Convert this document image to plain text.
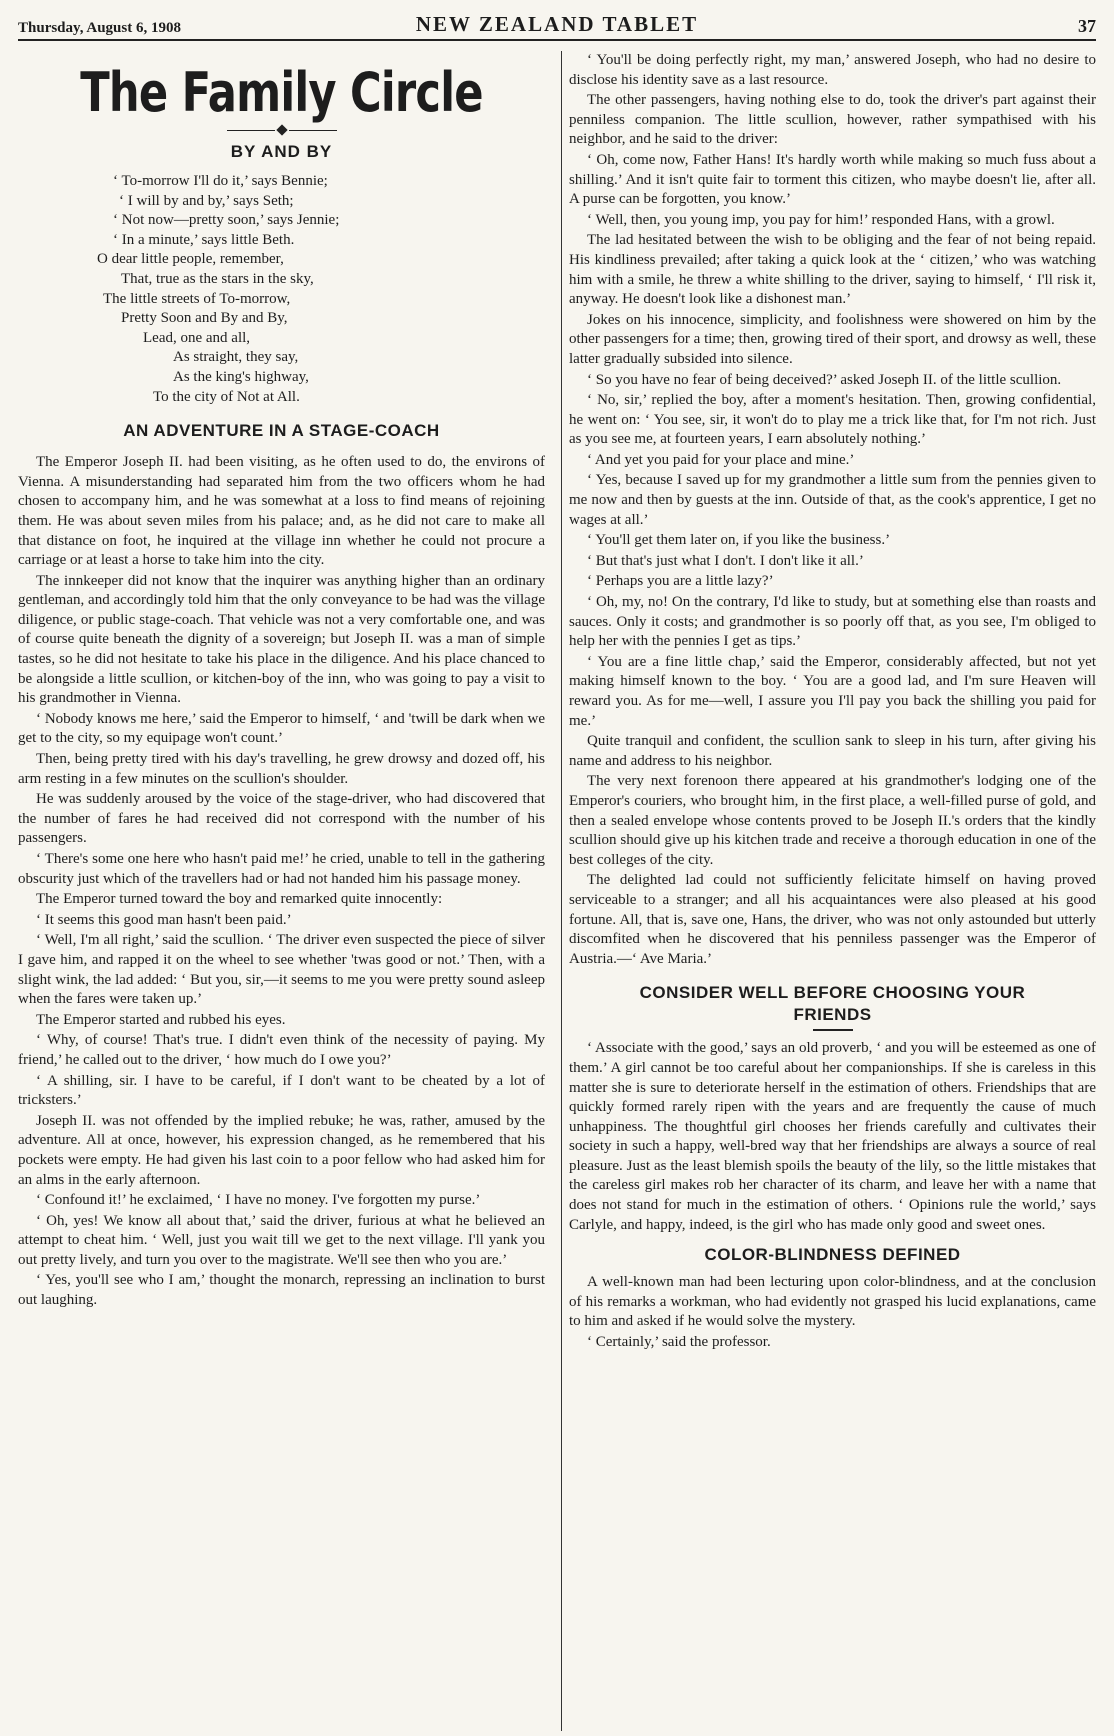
Thursday, August 6, 1908	NEW ZEALAND TABLET	37
The Family Circle
BY AND BY
‘ To-morrow I'll do it,’ says Bennie;
‘ I will by and by,’ says Seth;
‘ Not now—pretty soon,’ says Jennie;
‘ In a minute,’ says little Beth.
O dear little people, remember,
That, true as the stars in the sky,
The little streets of To-morrow,
Pretty Soon and By and By,
Lead, one and all,
As straight, they say,
As the king's highway,
To the city of Not at All.
AN ADVENTURE IN A STAGE-COACH

The Emperor Joseph II. had been visiting, as he often used to do, the environs of Vienna. A misunderstanding had separated him from the two officers whom he had chosen to accompany him, and he was somewhat at a loss to find means of rejoining them. He was about seven miles from his palace; and, as he did not care to make all that distance on foot, he inquired at the village inn whether he could not procure a carriage or at least a horse to take him into the city.

The innkeeper did not know that the inquirer was anything higher than an ordinary gentleman, and accordingly told him that the only conveyance to be had was the village diligence, or public stage-coach. That vehicle was not a very comfortable one, and was of course quite beneath the dignity of a sovereign; but Joseph II. was a man of simple tastes, so he did not hesitate to take his place in the diligence. And his place chanced to be alongside a little scullion, or kitchen-boy of the inn, who was going to pay a visit to his grandmother in Vienna.

‘ Nobody knows me here,’ said the Emperor to himself, ‘ and 'twill be dark when we get to the city, so my equipage won't count.’

Then, being pretty tired with his day's travelling, he grew drowsy and dozed off, his arm resting in a few minutes on the scullion's shoulder.

He was suddenly aroused by the voice of the stage-driver, who had discovered that the number of fares he had received did not correspond with the number of his passengers.

‘ There's some one here who hasn't paid me!’ he cried, unable to tell in the gathering obscurity just which of the travellers had or had not handed him his passage money.

The Emperor turned toward the boy and remarked quite innocently:

‘ It seems this good man hasn't been paid.’

‘ Well, I'm all right,’ said the scullion. ‘ The driver even suspected the piece of silver I gave him, and rapped it on the wheel to see whether 'twas good or not.’ Then, with a slight wink, the lad added: ‘ But you, sir,—it seems to me you were pretty sound asleep when the fares were taken up.’

The Emperor started and rubbed his eyes.

‘ Why, of course! That's true. I didn't even think of the necessity of paying. My friend,’ he called out to the driver, ‘ how much do I owe you?’

‘ A shilling, sir. I have to be careful, if I don't want to be cheated by a lot of tricksters.’

Joseph II. was not offended by the implied rebuke; he was, rather, amused by the adventure. All at once, however, his expression changed, as he remembered that his pockets were empty. He had given his last coin to a poor fellow who had asked him for an alms in the early afternoon.

‘ Confound it!’ he exclaimed, ‘ I have no money. I've forgotten my purse.’

‘ Oh, yes! We know all about that,’ said the driver, furious at what he believed an attempt to cheat him. ‘ Well, just you wait till we get to the next village. I'll yank you out pretty lively, and turn you over to the magistrate. We'll see then who you are.’

‘ Yes, you'll see who I am,’ thought the monarch, repressing an inclination to burst out laughing.

‘ You'll be doing perfectly right, my man,’ answered Joseph, who had no desire to disclose his identity save as a last resource.

The other passengers, having nothing else to do, took the driver's part against their penniless companion. The little scullion, however, rather sympathised with his neighbor, and he said to the driver:

‘ Oh, come now, Father Hans! It's hardly worth while making so much fuss about a shilling.’ And it isn't quite fair to torment this citizen, who maybe doesn't lie, after all. A purse can be forgotten, you know.’

‘ Well, then, you young imp, you pay for him!’ responded Hans, with a growl.

The lad hesitated between the wish to be obliging and the fear of not being repaid. His kindliness prevailed; after taking a quick look at the ‘ citizen,’ who was watching him with a smile, he threw a white shilling to the driver, saying to himself, ‘ I'll risk it, anyway. He doesn't look like a dishonest man.’

Jokes on his innocence, simplicity, and foolishness were showered on him by the other passengers for a time; then, growing tired of their sport, and drowsy as well, these latter gradually subsided into silence.

‘ So you have no fear of being deceived?’ asked Joseph II. of the little scullion.

‘ No, sir,’ replied the boy, after a moment's hesitation. Then, growing confidential, he went on: ‘ You see, sir, it won't do to play me a trick like that, for I'm not rich. Just as you see me, at fourteen years, I earn absolutely nothing.’

‘ And yet you paid for your place and mine.’

‘ Yes, because I saved up for my grandmother a little sum from the pennies given to me now and then by guests at the inn. Outside of that, as the cook's apprentice, I get no wages at all.’

‘ You'll get them later on, if you like the business.’

‘ But that's just what I don't. I don't like it all.’

‘ Perhaps you are a little lazy?’

‘ Oh, my, no! On the contrary, I'd like to study, but at something else than roasts and sauces. Only it costs; and grandmother is so poorly off that, as you see, I'm obliged to help her with the pennies I get as tips.’

‘ You are a fine little chap,’ said the Emperor, considerably affected, but not yet making himself known to the boy. ‘ You are a good lad, and I'm sure Heaven will reward you. As for me—well, I assure you I'll pay you back the shilling you paid for me.’

Quite tranquil and confident, the scullion sank to sleep in his turn, after giving his name and address to his neighbor.

The very next forenoon there appeared at his grandmother's lodging one of the Emperor's couriers, who brought him, in the first place, a well-filled purse of gold, and then a sealed envelope whose contents proved to be Joseph II.'s orders that the kindly scullion should give up his kitchen trade and receive a thorough education in one of the best colleges of the city.

The delighted lad could not sufficiently felicitate himself on having proved serviceable to a stranger; and all his acquaintances were also pleased at his good fortune. All, that is, save one, Hans, the driver, who was not only astounded but utterly discomfited when he discovered that his penniless passenger was the Emperor of Austria.—‘ Ave Maria.’

CONSIDER WELL BEFORE CHOOSING YOUR
FRIENDS

‘ Associate with the good,’ says an old proverb, ‘ and you will be esteemed as one of them.’ A girl cannot be too careful about her companionships. If she is careless in this matter she is sure to deteriorate herself in the estimation of others. Friendships that are quickly formed rarely ripen with the years and are frequently the cause of much unhappiness. The thoughtful girl chooses her friends carefully and cultivates their society in such a happy, well-bred way that her friendships are always a source of real pleasure. Just as the least blemish spoils the beauty of the lily, so the little mistakes that the careless girl makes rob her character of its charm, and leave her with a name that does not stand for much in the estimation of others. ‘ Opinions rule the world,’ says Carlyle, and happy, indeed, is the girl who has made only good and sweet ones.

COLOR-BLINDNESS DEFINED

A well-known man had been lecturing upon color-blindness, and at the conclusion of his remarks a workman, who had evidently not grasped his lucid explanations, came to him and asked if he would solve the mystery.

‘ Certainly,’ said the professor.
